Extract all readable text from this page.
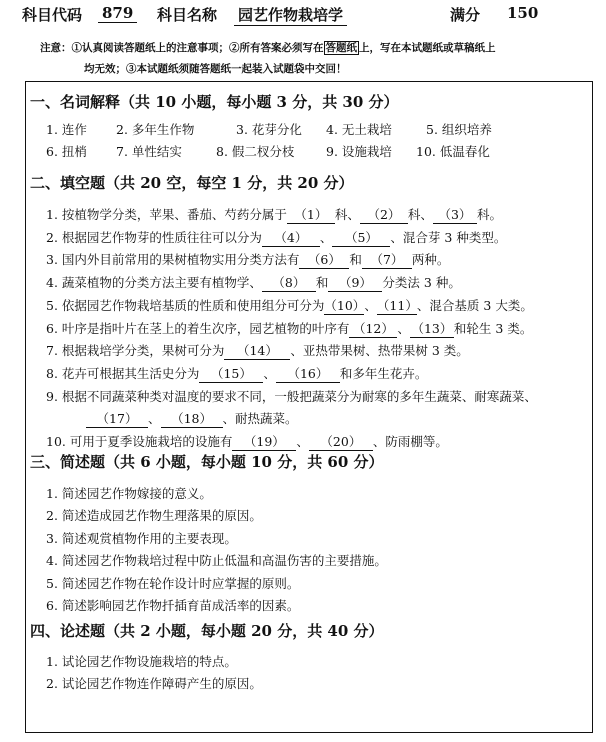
科目代码 879 科目名称 园艺作物栽培学	满分 150
注意：①认真阅读答题纸上的注意事项；②所有答案必须写在 答题纸 上，写在本试题纸或草稿纸上
均无效；③本试题纸须随答题纸一起装入试题袋中交回！
一、名词解释（共 10 小题，每小题 3 分，共 30 分）
1. 连作 2. 多年生作物	3. 花芽分化 4. 无土栽培	5. 组织培养
6. 扭梢 7. 单性结实	8. 假二杈分枝	9. 设施栽培 10. 低温春化
二、填空题（共 20 空，每空 1 分，共 20 分）
1. 按植物学分类，苹果、番茄、芍药分属于 （1） 科、 （2） 科、 （3） 科。
2. 根据园艺作物芽的性质往往可以分为 （4） 、 （5） 、混合芽 3 种类型。
3. 国内外目前常用的果树植物实用分类方法有 （6） 和 （7） 两种。
4. 蔬菜植物的分类方法主要有植物学、 （8） 和 （9） 分类法 3 种。
5. 依据园艺作物栽培基质的性质和使用组分可分为（10）、（11）、混合基质 3 大类。
6. 叶序是指叶片在茎上的着生次序，园艺植物的叶序有 （12） 、 （13） 和轮生 3 类。
7. 根据栽培学分类，果树可分为 （14） 、亚热带果树、热带果树 3 类。
8. 花卉可根据其生活史分为 （15） 、 （16） 和多年生花卉。
9. 根据不同蔬菜种类对温度的要求不同，一般把蔬菜分为耐寒的多年生蔬菜、耐寒蔬菜、
（17） 、 （18） 、耐热蔬菜。
10. 可用于夏季设施栽培的设施有 （19） 、 （20） 、防雨棚等。
三、简述题（共 6 小题，每小题 10 分，共 60 分）
1. 简述园艺作物嫁接的意义。
2. 简述造成园艺作物生理落果的原因。
3. 简述观赏植物作用的主要表现。
4. 简述园艺作物栽培过程中防止低温和高温伤害的主要措施。
5. 简述园艺作物在轮作设计时应掌握的原则。
6. 简述影响园艺作物扦插育苗成活率的因素。
四、论述题（共 2 小题，每小题 20 分，共 40 分）
1. 试论园艺作物设施栽培的特点。
2. 试论园艺作物连作障碍产生的原因。
